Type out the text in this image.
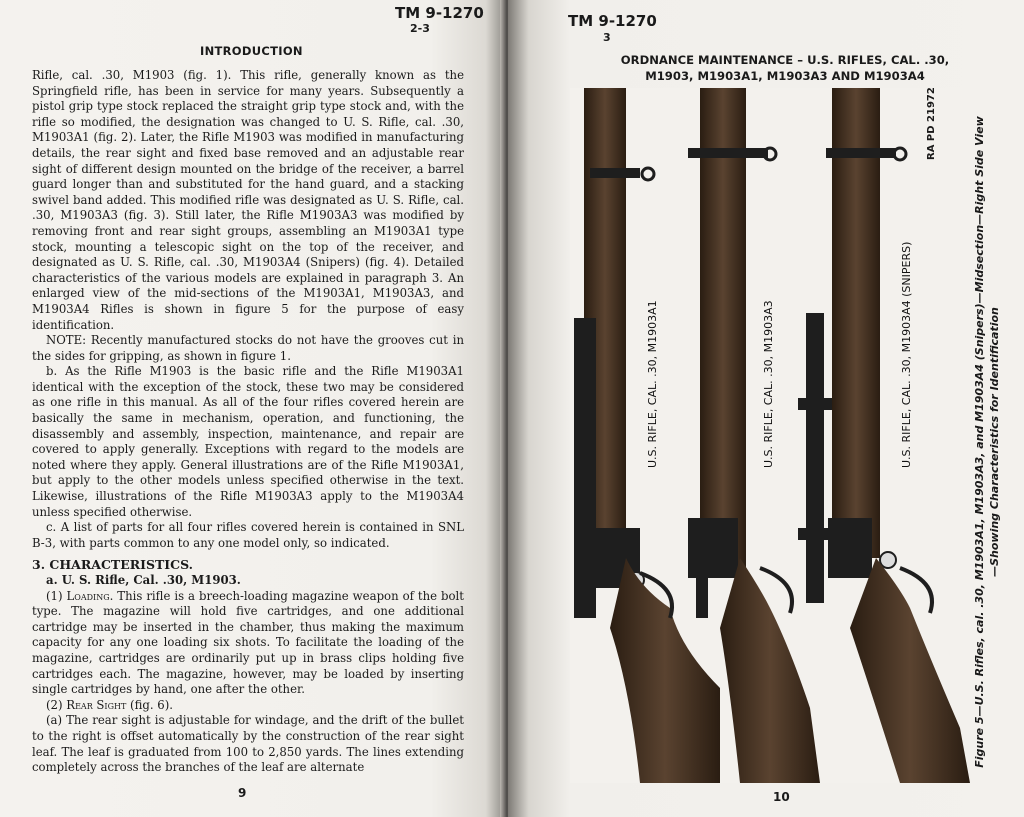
TM 9-1270
2-3
INTRODUCTION

Rifle, cal. .30, M1903 (fig. 1). This rifle, generally known as the Springfield rifle, has been in service for many years. Subsequently a pistol grip type stock replaced the straight grip type stock and, with the rifle so modified, the designation was changed to U. S. Rifle, cal. .30, M1903A1 (fig. 2). Later, the Rifle M1903 was modified in manufacturing details, the rear sight and fixed base removed and an adjustable rear sight of different design mounted on the bridge of the receiver, a barrel guard longer than and substituted for the hand guard, and a stacking swivel band added. This modified rifle was designated as U. S. Rifle, cal. .30, M1903A3 (fig. 3). Still later, the Rifle M1903A3 was modified by removing front and rear sight groups, assembling an M1903A1 type stock, mounting a telescopic sight on the top of the receiver, and designated as U. S. Rifle, cal. .30, M1903A4 (Snipers) (fig. 4). Detailed characteristics of the various models are explained in paragraph 3. An enlarged view of the mid-sections of the M1903A1, M1903A3, and M1903A4 Rifles is shown in figure 5 for the purpose of easy identification.

NOTE: Recently manufactured stocks do not have the grooves cut in the sides for gripping, as shown in figure 1.

b. As the Rifle M1903 is the basic rifle and the Rifle M1903A1 identical with the exception of the stock, these two may be considered as one rifle in this manual. As all of the four rifles covered herein are basically the same in mechanism, operation, and functioning, the disassembly and assembly, inspection, maintenance, and repair are covered to apply generally. Exceptions with regard to the models are noted where they apply. General illustrations are of the Rifle M1903A1, but apply to the other models unless specified otherwise in the text. Likewise, illustrations of the Rifle M1903A3 apply to the M1903A4 unless specified otherwise.

c. A list of parts for all four rifles covered herein is contained in SNL B-3, with parts common to any one model only, so indicated.

3. CHARACTERISTICS.

a. U. S. Rifle, Cal. .30, M1903.

(1) Loading. This rifle is a breech-loading magazine weapon of the bolt type. The magazine will hold five cartridges, and one additional cartridge may be inserted in the chamber, thus making the maximum capacity for any one loading six shots. To facilitate the loading of the magazine, cartridges are ordinarily put up in brass clips holding five cartridges each. The magazine, however, may be loaded by inserting single cartridges by hand, one after the other.

(2) Rear Sight (fig. 6).

(a) The rear sight is adjustable for windage, and the drift of the bullet to the right is offset automatically by the construction of the rear sight leaf. The leaf is graduated from 100 to 2,850 yards. The lines extending completely across the branches of the leaf are alternate

9
TM 9-1270
3
ORDNANCE MAINTENANCE – U.S. RIFLES, CAL. .30,
M1903, M1903A1, M1903A3 AND M1903A4
U.S. RIFLE, CAL. .30, M1903A1	U.S. RIFLE, CAL. .30, M1903A3	U.S. RIFLE, CAL. .30, M1903A4 (SNIPERS)
RA PD 21972	Figure 5—U.S. Rifles, cal. .30, M1903A1, M1903A3, and M1903A4 (Snipers)—Midsection—Right Side View —Showing Characteristics for Identification
10
